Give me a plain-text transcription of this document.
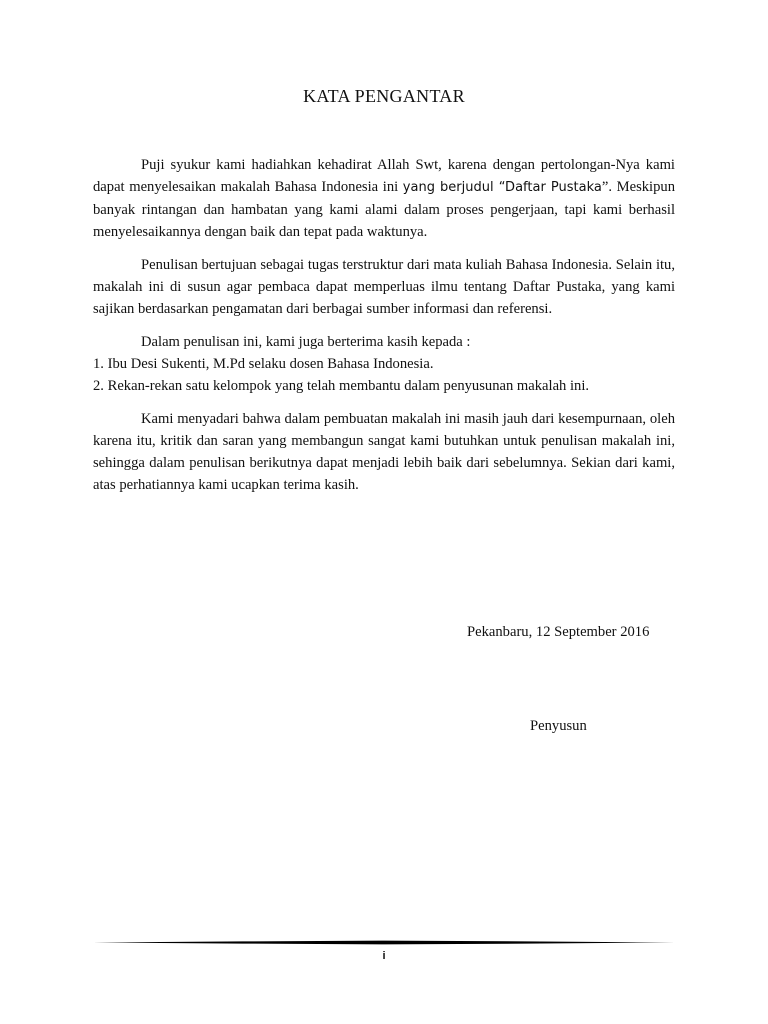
KATA PENGANTAR

Puji syukur kami hadiahkan kehadirat Allah Swt, karena dengan pertolongan-Nya kami dapat menyelesaikan makalah Bahasa Indonesia ini yang berjudul “Daftar Pustaka”. Meskipun banyak rintangan dan hambatan yang kami alami dalam proses pengerjaan, tapi kami berhasil menyelesaikannya dengan baik dan tepat pada waktunya.

Penulisan bertujuan sebagai tugas terstruktur dari mata kuliah Bahasa Indonesia. Selain itu, makalah ini di susun agar pembaca dapat memperluas ilmu tentang Daftar Pustaka, yang kami sajikan berdasarkan pengamatan dari berbagai sumber informasi dan referensi.

Dalam penulisan ini, kami juga berterima kasih kepada :

1. Ibu Desi Sukenti, M.Pd selaku dosen Bahasa Indonesia.

2. Rekan-rekan satu kelompok yang telah membantu dalam penyusunan makalah ini.

Kami menyadari bahwa dalam pembuatan makalah ini masih jauh dari kesempurnaan, oleh karena itu, kritik dan saran yang membangun sangat kami butuhkan untuk penulisan makalah ini, sehingga dalam penulisan berikutnya dapat menjadi lebih baik dari sebelumnya. Sekian dari kami, atas perhatiannya kami ucapkan terima kasih.

Pekanbaru, 12 September 2016
Penyusun
i
